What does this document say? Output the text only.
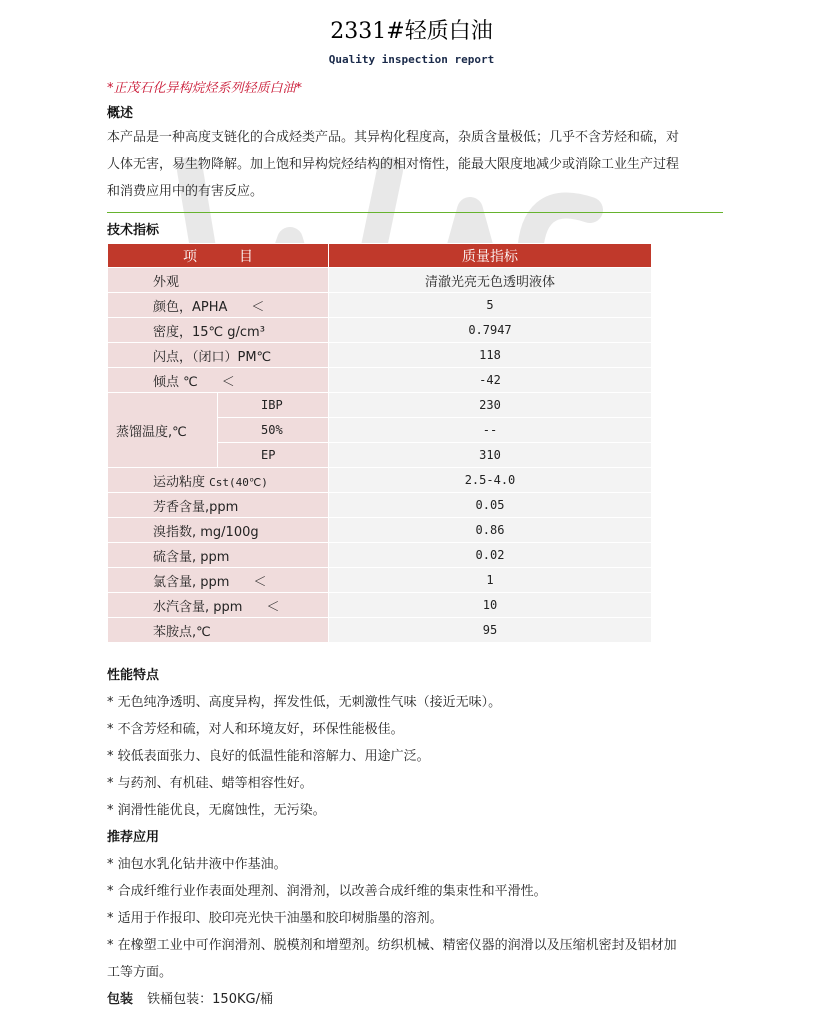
2331#轻质白油
Quality inspection report
*正茂石化异构烷烃系列轻质白油*
概述
本产品是一种高度支链化的合成烃类产品。其异构化程度高，杂质含量极低；几乎不含芳烃和硫，对
人体无害，易生物降解。加上饱和异构烷烃结构的相对惰性，能最大限度地减少或消除工业生产过程
和消费应用中的有害反应。
技术指标
项　　　目		质量指标
外观		清澈光亮无色透明液体
颜色，APHA ＜		5
密度，15℃ g/cm³		0.7947
闪点，（闭口）PM℃		118
倾点 ℃ ＜		-42
蒸馏温度,℃	IBP	230
	50%	--
	EP	310
运动粘度 Cst(40℃)		2.5-4.0
芳香含量,ppm		0.05
溴指数, mg/100g		0.86
硫含量, ppm		0.02
氯含量, ppm ＜		1
水汽含量, ppm ＜		10
苯胺点,℃		95
性能特点
* 无色纯净透明、高度异构，挥发性低，无刺激性气味（接近无味）。
* 不含芳烃和硫，对人和环境友好，环保性能极佳。
* 较低表面张力、良好的低温性能和溶解力、用途广泛。
* 与药剂、有机硅、蜡等相容性好。
* 润滑性能优良，无腐蚀性，无污染。
推荐应用
* 油包水乳化钻井液中作基油。
* 合成纤维行业作表面处理剂、润滑剂，以改善合成纤维的集束性和平滑性。
* 适用于作报印、胶印亮光快干油墨和胶印树脂墨的溶剂。
* 在橡塑工业中可作润滑剂、脱模剂和增塑剂。纺织机械、精密仪器的润滑以及压缩机密封及铝材加
工等方面。
包装 铁桶包装：150KG/桶
